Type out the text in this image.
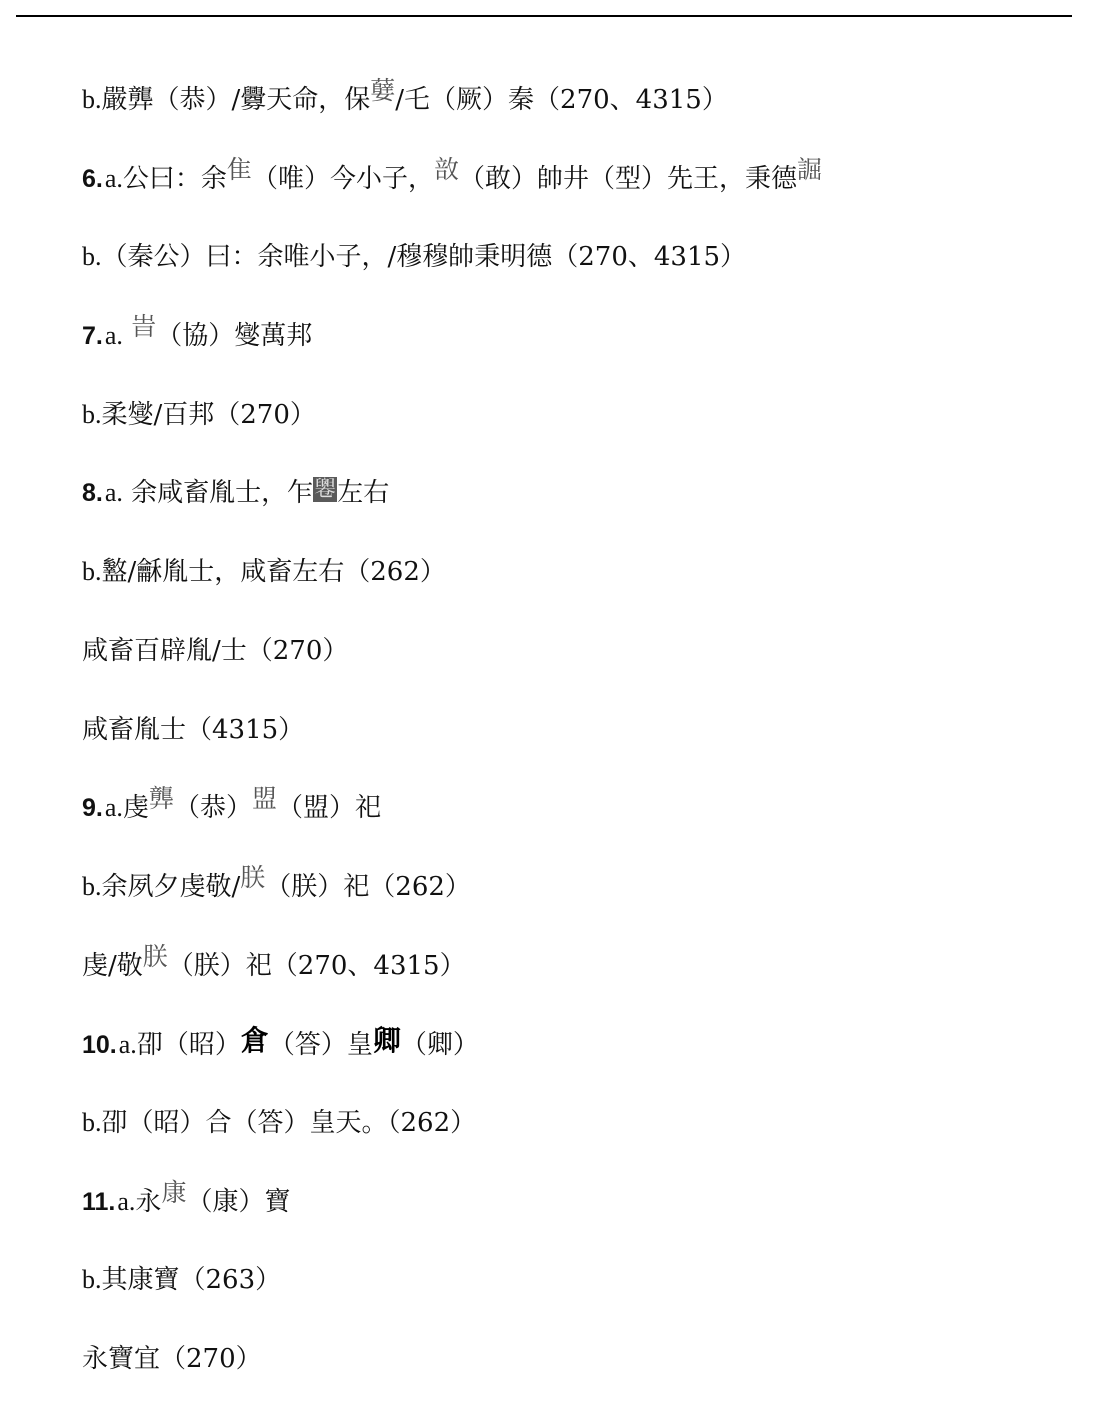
b.嚴龏（恭）/釁天命，保㜸/乇（厥）秦（270、4315）
6.a.公曰：余隹（唯）今小子，敨（敢）帥井（型）先王，秉德誳
b.（秦公）曰：余唯小子，/穆穆帥秉明德（270、4315）
7.a. 旹（協）燮萬邦
b.柔燮/百邦（270）
8.a. 余咸畜胤士，乍𠨧左右
b.盭/龢胤士，咸畜左右（262）
咸畜百辟胤/士（270）
咸畜胤士（4315）
9.a.虔龏（恭）盟（盟）祀
b.余夙夕虔敬/朕（朕）祀（262）
虔/敬朕（朕）祀（270、4315）
10.a.卲（昭）倉（答）皇卿（卿）
b.卲（昭）合（答）皇天。（262）
11.a.永康（康）寶
b.其康寶（263）
永寶宜（270）
